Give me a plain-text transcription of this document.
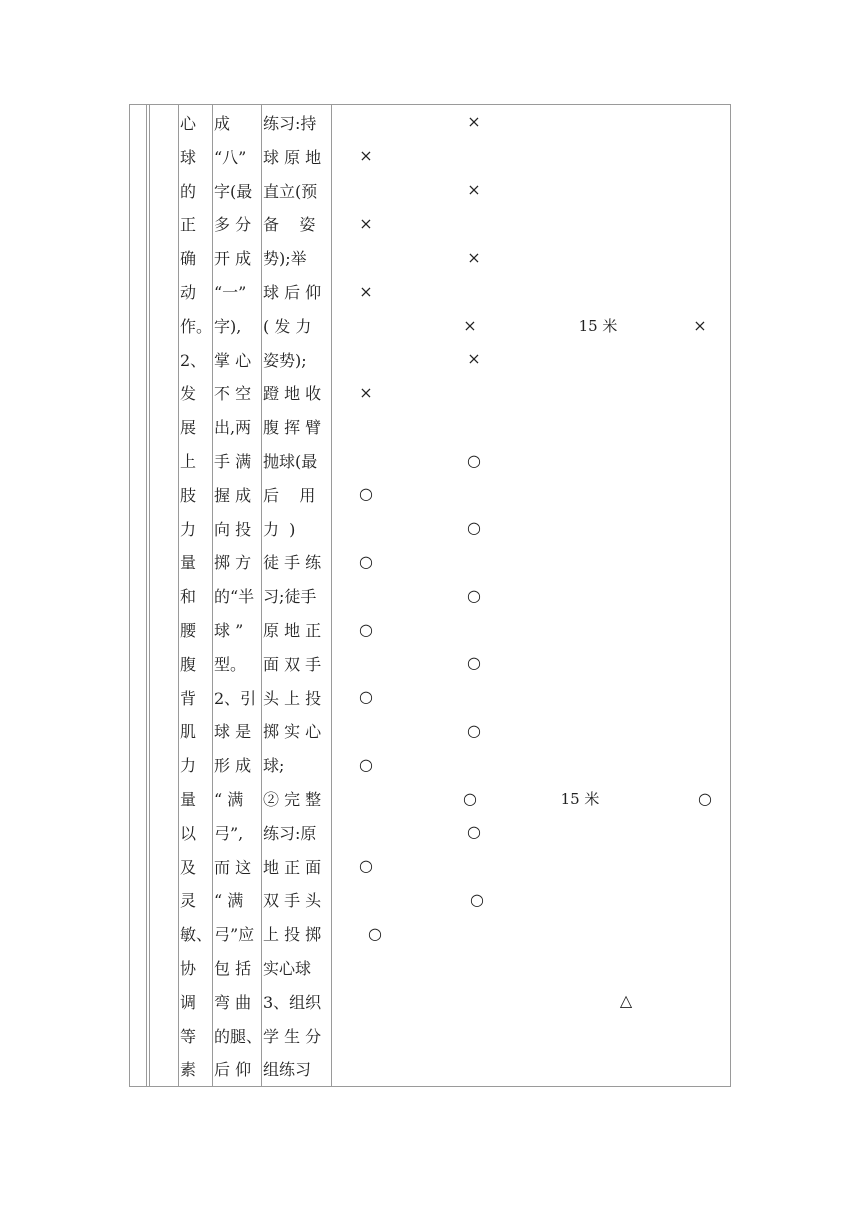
心
球
的
正
确
动
作。
2、
发
展
上
肢
力
量
和
腰
腹
背
肌
力
量
以
及
灵
敏、
协
调
等
素
成
“八”
字(最
多 分
开 成
“一”
字),
掌 心
不 空
出,两
手 满
握 成
向 投
掷 方
的“半
球 ”
型。
2、引
球 是
形 成
“ 满
弓”,
而 这
“ 满
弓”应
包 括
弯 曲
的腿、
后 仰
练习:持
球 原 地
直立(预
备    姿
势);举
球 后 仰
( 发 力
姿势);
蹬 地 收
腹 挥 臂
抛球(最
后    用
力  )
徒 手 练
习;徒手
原 地 正
面 双 手
头 上 投
掷 实 心
球;
② 完 整
练习:原
地 正 面
双 手 头
上 投 掷
实心球
3、组织
学 生 分
组练习
×
×
×
×
×
×
×	×
×
×
○
○
○
○
○
○
○
○
○
○
○	○
○
○
○
○
△
15 米
15 米
